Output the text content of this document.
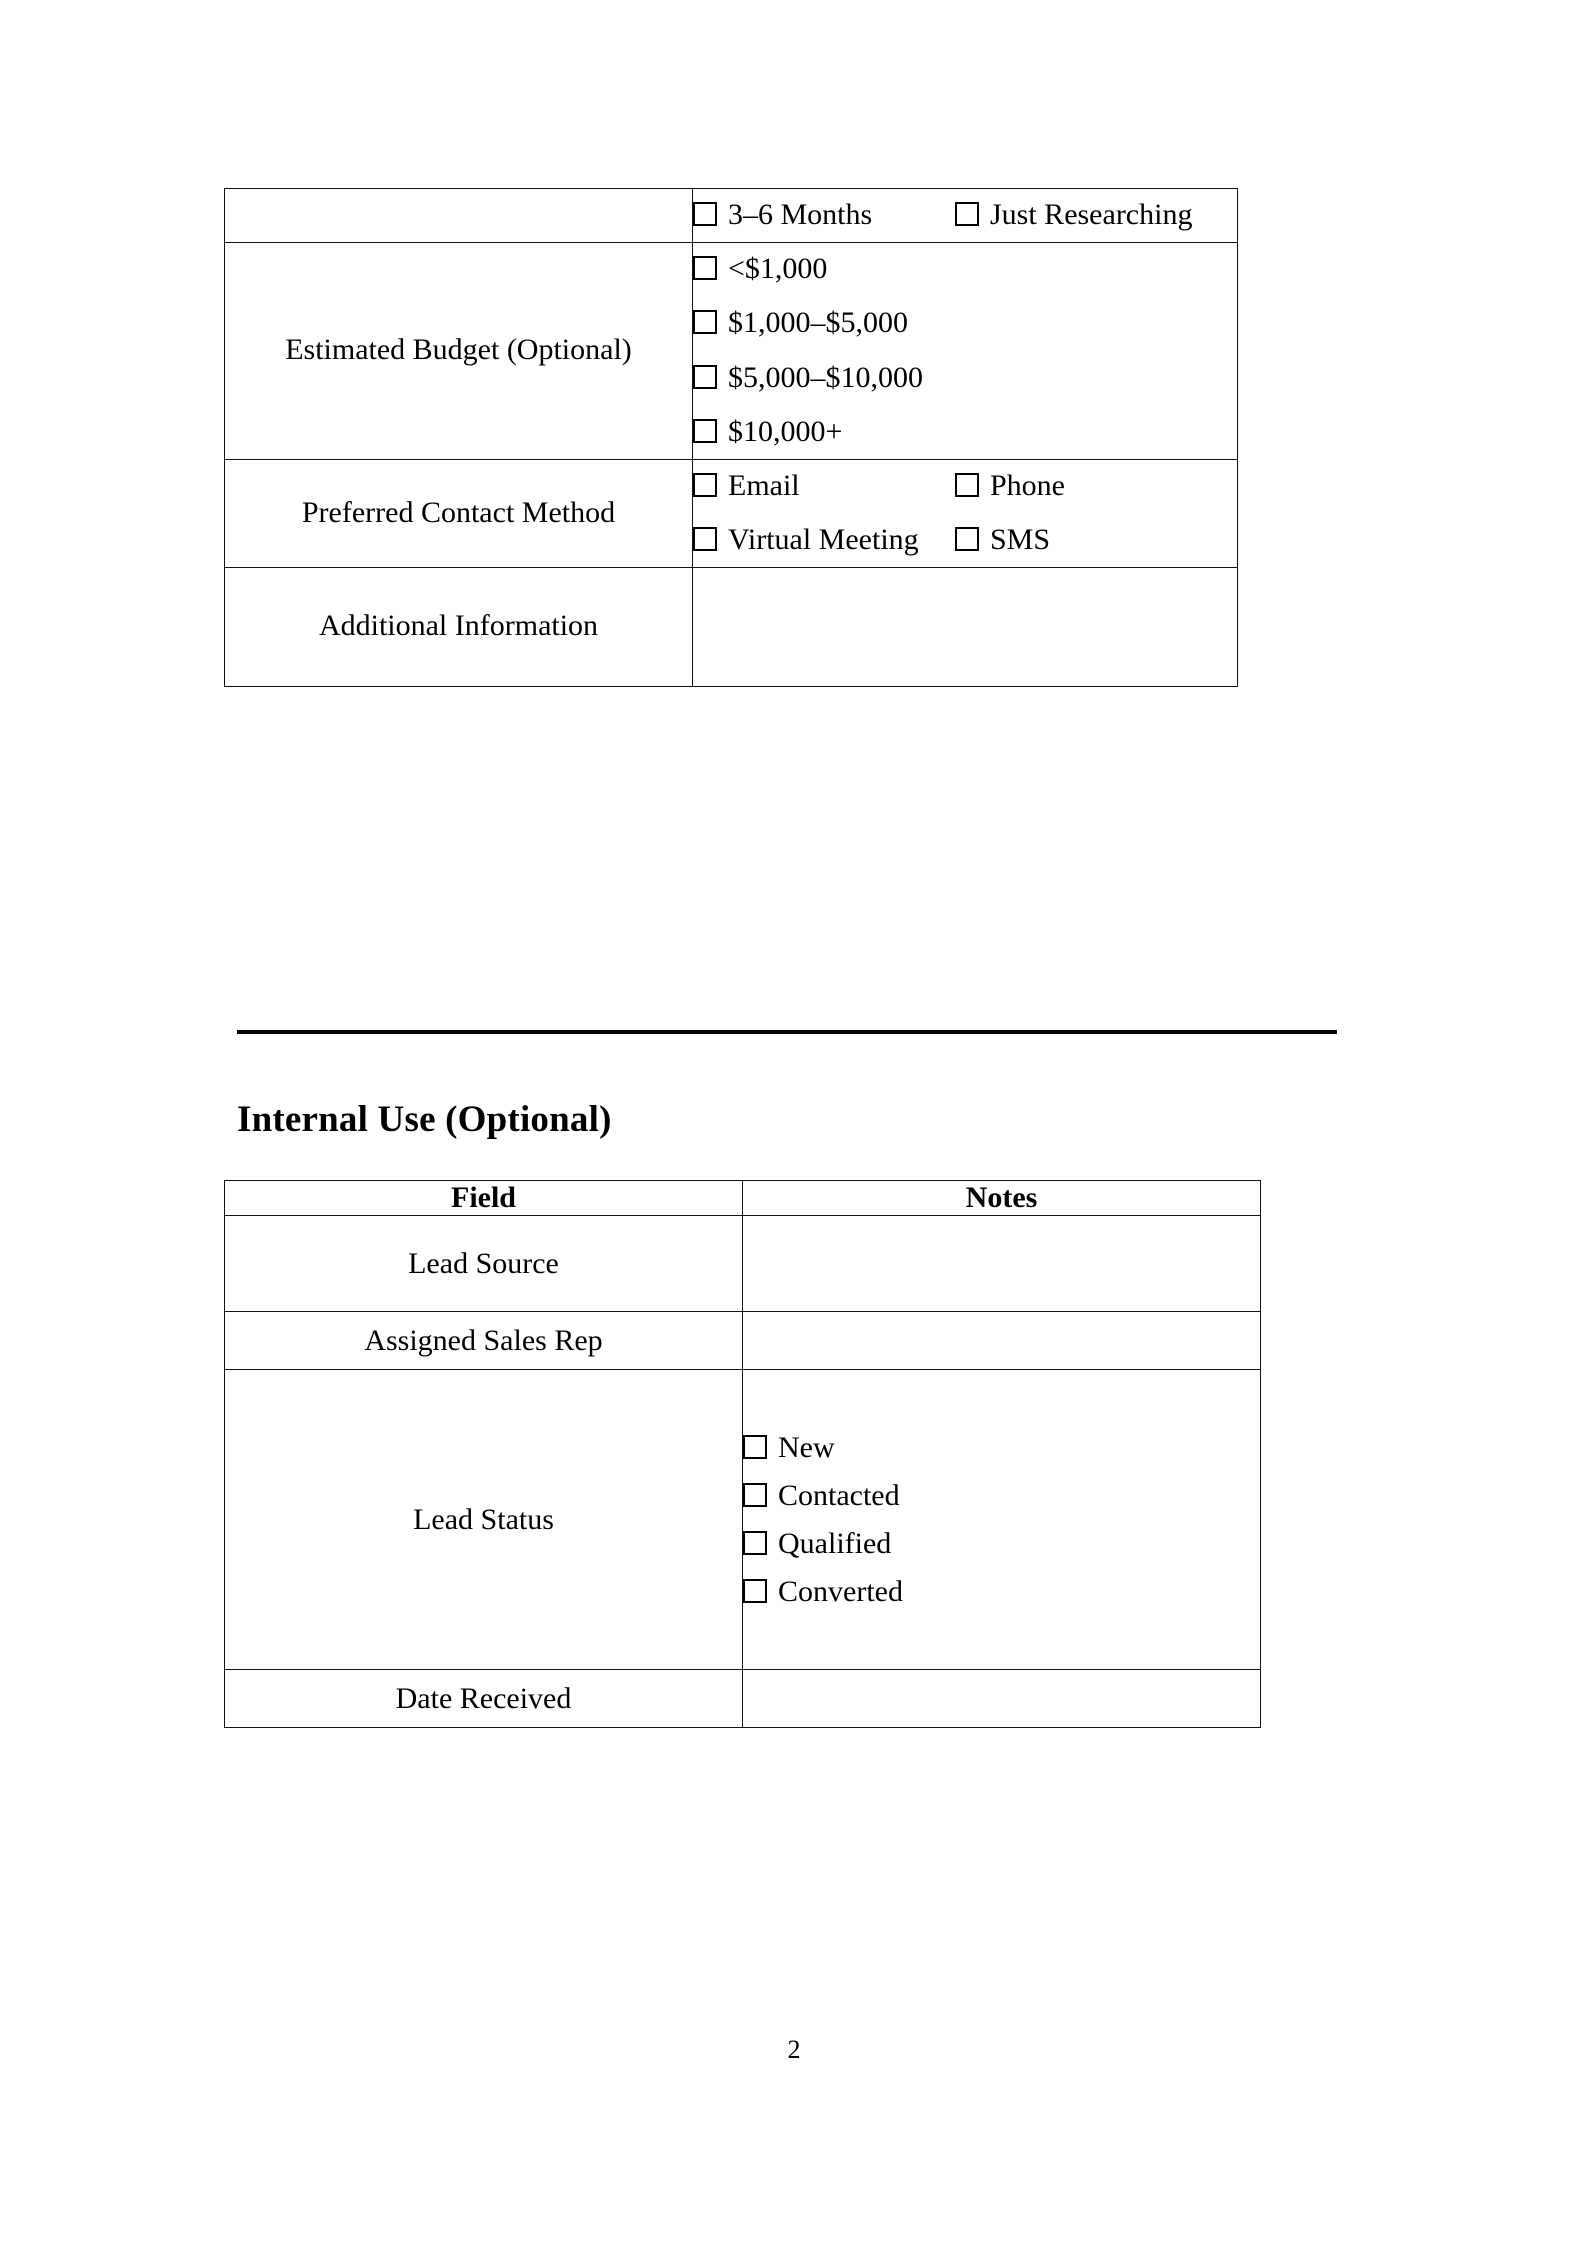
	3–6 Months Just Researching

Estimated Budget (Optional)	<$1,000
$1,000–$5,000
$5,000–$10,000
$10,000+

Preferred Contact Method	Email Phone
Virtual Meeting SMS

Additional Information	
Internal Use (Optional)
Field	Notes
Lead Source	
Assigned Sales Rep	
Lead Status	New
Contacted
Qualified
Converted

Date Received	
2
